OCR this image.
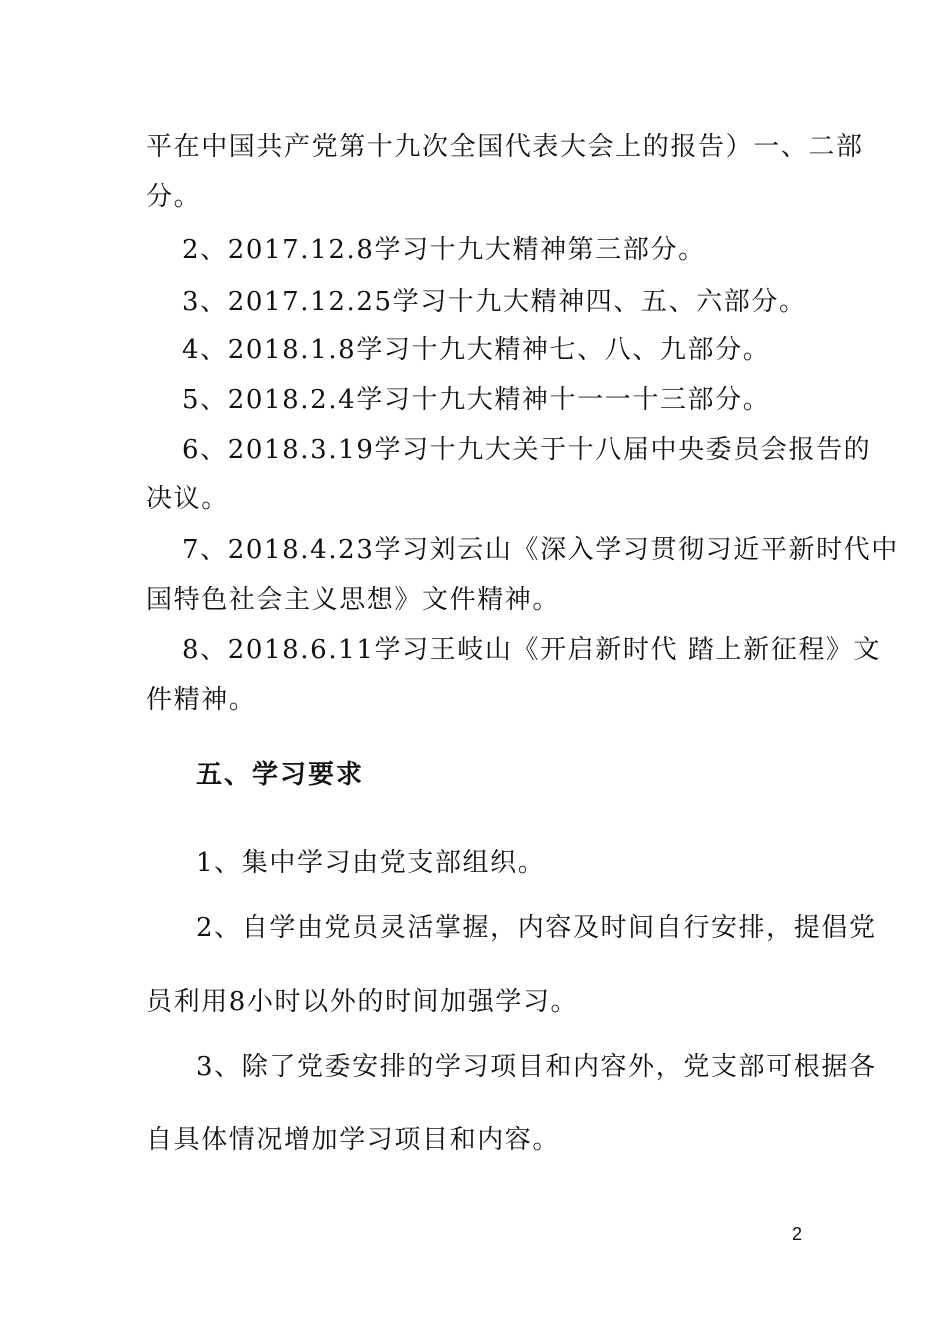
平在中国共产党第十九次全国代表大会上的报告）一、二部
分。
2、2017.12.8学习十九大精神第三部分。
3、2017.12.25学习十九大精神四、五、六部分。
4、2018.1.8学习十九大精神七、八、九部分。
5、2018.2.4学习十九大精神十一一十三部分。
6、2018.3.19学习十九大关于十八届中央委员会报告的
决议。
7、2018.4.23学习刘云山《深入学习贯彻习近平新时代中
国特色社会主义思想》文件精神。
8、2018.6.11学习王岐山《开启新时代 踏上新征程》文
件精神。
五、学习要求
1、集中学习由党支部组织。
2、自学由党员灵活掌握，内容及时间自行安排，提倡党
员利用8小时以外的时间加强学习。
3、除了党委安排的学习项目和内容外，党支部可根据各
自具体情况增加学习项目和内容。
2
